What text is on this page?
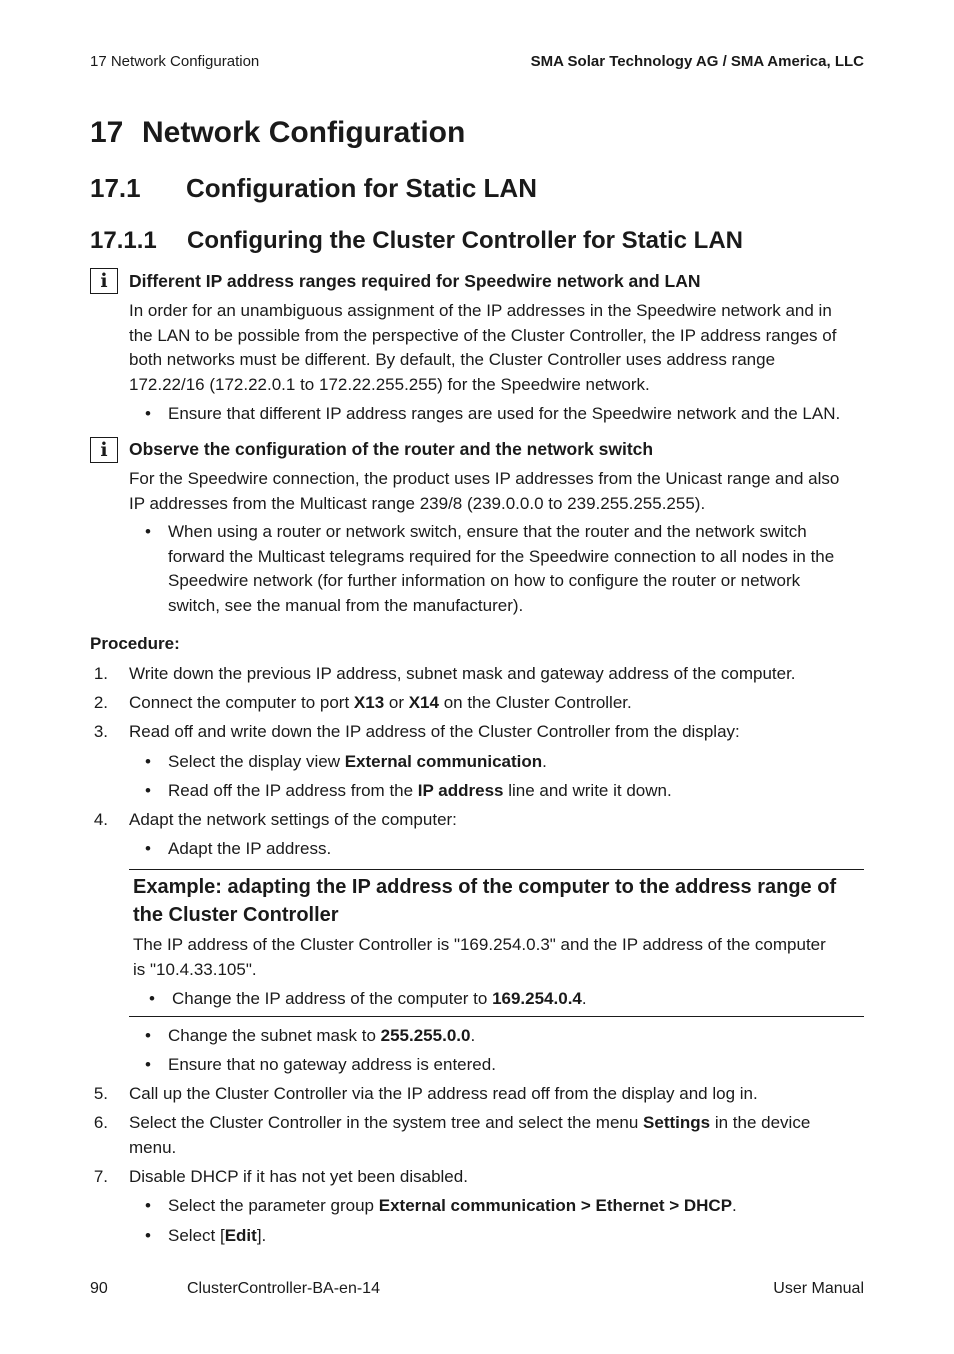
17 Network Configuration	SMA Solar Technology AG / SMA America, LLC
17 Network Configuration
17.1 Configuration for Static LAN
17.1.1 Configuring the Cluster Controller for Static LAN
i Different IP address ranges required for Speedwire network and LAN
In order for an unambiguous assignment of the IP addresses in the Speedwire network and in
the LAN to be possible from the perspective of the Cluster Controller, the IP address ranges of
both networks must be different. By default, the Cluster Controller uses address range
172.22/16 (172.22.0.1 to 172.22.255.255) for the Speedwire network.
• Ensure that different IP address ranges are used for the Speedwire network and the LAN.
i Observe the configuration of the router and the network switch
For the Speedwire connection, the product uses IP addresses from the Unicast range and also
IP addresses from the Multicast range 239/8 (239.0.0.0 to 239.255.255.255).
• When using a router or network switch, ensure that the router and the network switch
forward the Multicast telegrams required for the Speedwire connection to all nodes in the
Speedwire network (for further information on how to configure the router or network
switch, see the manual from the manufacturer).
Procedure:
1. Write down the previous IP address, subnet mask and gateway address of the computer.
2. Connect the computer to port X13 or X14 on the Cluster Controller.
3. Read off and write down the IP address of the Cluster Controller from the display:
• Select the display view External communication.
• Read off the IP address from the IP address line and write it down.
4. Adapt the network settings of the computer:
• Adapt the IP address.
Example: adapting the IP address of the computer to the address range of
the Cluster Controller
The IP address of the Cluster Controller is "169.254.0.3" and the IP address of the computer
is "10.4.33.105".
• Change the IP address of the computer to 169.254.0.4.
• Change the subnet mask to 255.255.0.0.
• Ensure that no gateway address is entered.
5. Call up the Cluster Controller via the IP address read off from the display and log in.
6. Select the Cluster Controller in the system tree and select the menu Settings in the device
menu.
7. Disable DHCP if it has not yet been disabled.
• Select the parameter group External communication > Ethernet > DHCP.
• Select [Edit].
90	ClusterController-BA-en-14	User Manual
